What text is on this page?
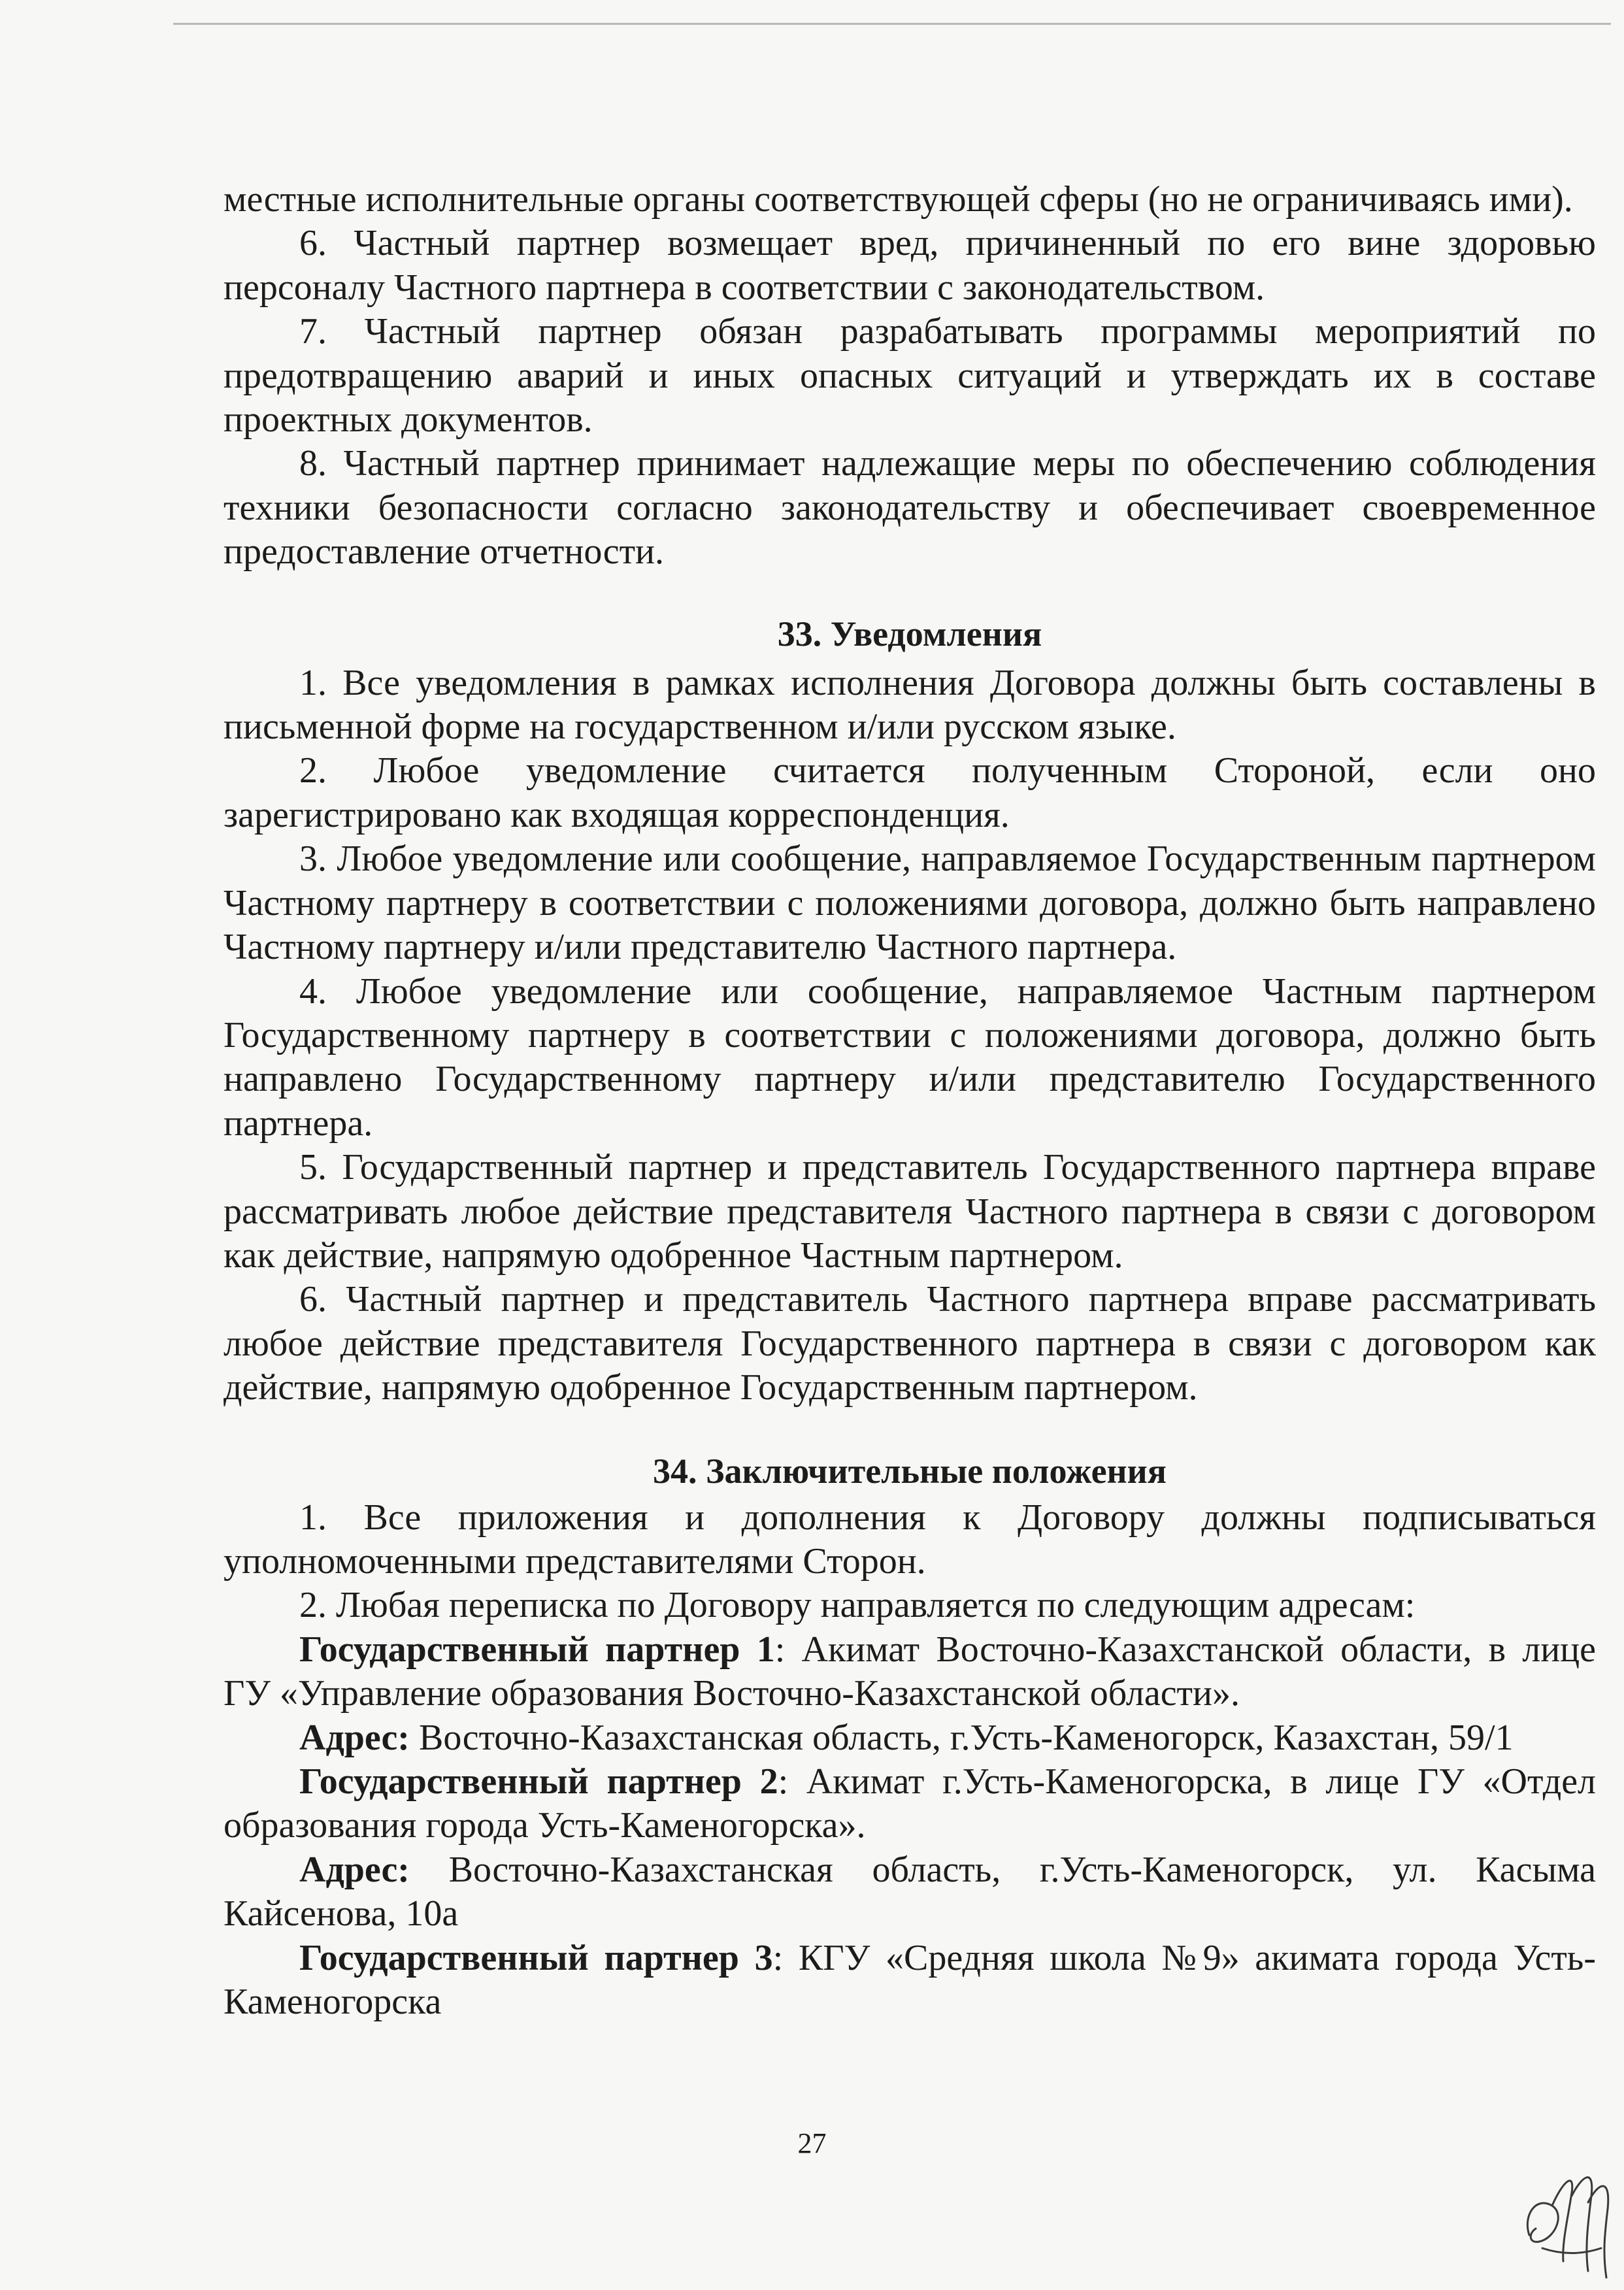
местные исполнительные органы соответствующей сферы (но не ограничиваясь ими).

6. Частный партнер возмещает вред, причиненный по его вине здоровью персоналу Частного партнера в соответствии с законодательством.

7. Частный партнер обязан разрабатывать программы мероприятий по предотвращению аварий и иных опасных ситуаций и утверждать их в составе проектных документов.

8. Частный партнер принимает надлежащие меры по обеспечению соблюдения техники безопасности согласно законодательству и обеспечивает своевременное предоставление отчетности.

33. Уведомления

1. Все уведомления в рамках исполнения Договора должны быть составлены в письменной форме на государственном и/или русском языке.

2. Любое уведомление считается полученным Стороной, если оно зарегистрировано как входящая корреспонденция.

3. Любое уведомление или сообщение, направляемое Государственным партнером Частному партнеру в соответствии с положениями договора, должно быть направлено Частному партнеру и/или представителю Частного партнера.

4. Любое уведомление или сообщение, направляемое Частным партнером Государственному партнеру в соответствии с положениями договора, должно быть направлено Государственному партнеру и/или представителю Государственного партнера.

5. Государственный партнер и представитель Государственного партнера вправе рассматривать любое действие представителя Частного партнера в связи с договором как действие, напрямую одобренное Частным партнером.

6. Частный партнер и представитель Частного партнера вправе рассматривать любое действие представителя Государственного партнера в связи с договором как действие, напрямую одобренное Государственным партнером.

34. Заключительные положения

1. Все приложения и дополнения к Договору должны подписываться уполномоченными представителями Сторон.

2. Любая переписка по Договору направляется по следующим адресам:

Государственный партнер 1: Акимат Восточно-Казахстанской области, в лице ГУ «Управление образования Восточно-Казахстанской области».

Адрес: Восточно-Казахстанская область, г.Усть-Каменогорск, Казахстан, 59/1

Государственный партнер 2: Акимат г.Усть-Каменогорска, в лице ГУ «Отдел образования города Усть-Каменогорска».

Адрес: Восточно-Казахстанская область, г.Усть-Каменогорск, ул. Касыма Кайсенова, 10а

Государственный партнер 3: КГУ «Средняя школа №9» акимата города Усть-Каменогорска

27
